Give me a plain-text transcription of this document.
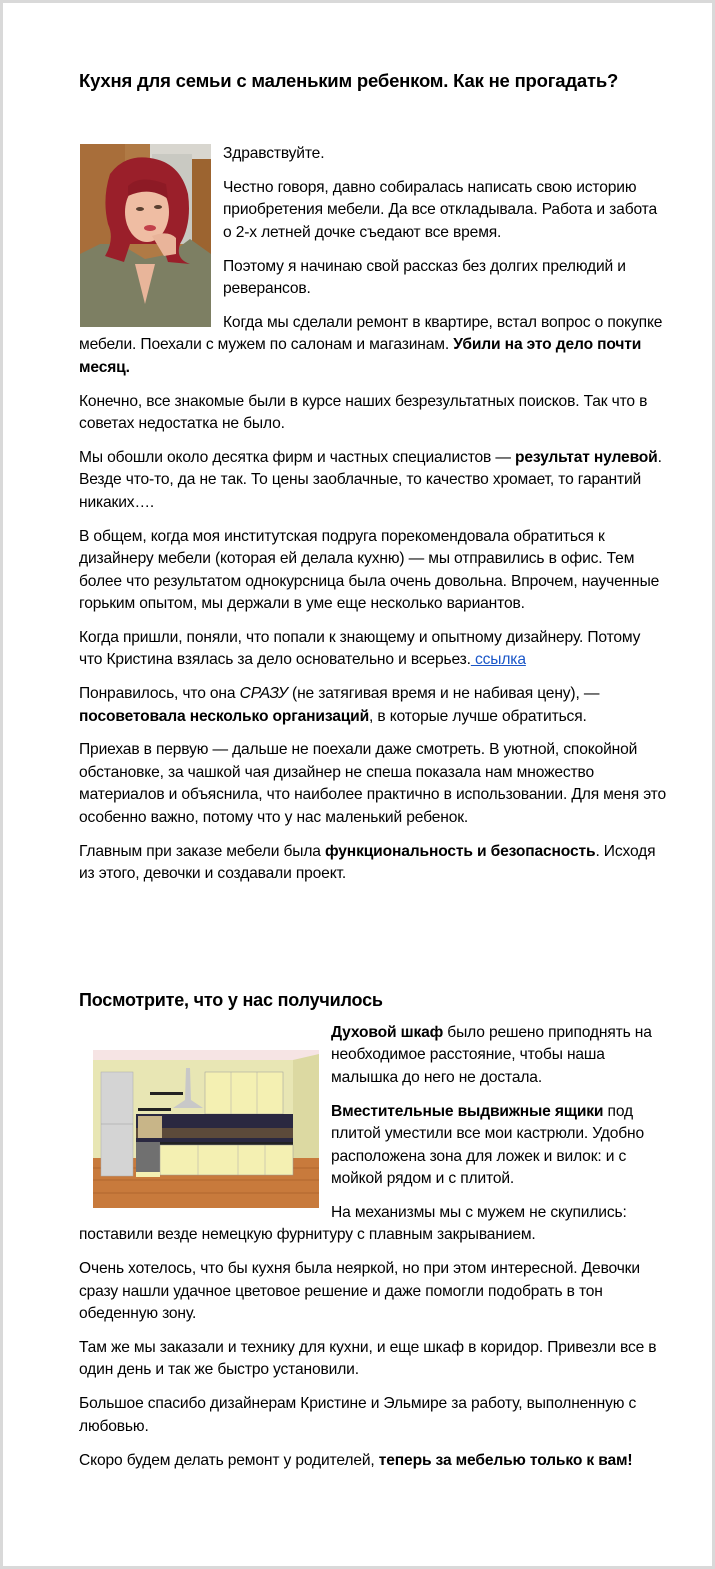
Кухня для семьи с маленьким ребенком. Как не прогадать?

Здравствуйте.

Честно говоря, давно собиралась написать свою историю приобретения мебели. Да все откладывала. Работа и забота о 2-х летней дочке съедают все время.

Поэтому я начинаю свой рассказ без долгих прелюдий и реверансов.

Когда мы сделали ремонт в квартире, встал вопрос о покупке мебели. Поехали с мужем по салонам и магазинам. Убили на это дело почти месяц.

Конечно, все знакомые были в курсе наших безрезультатных поисков. Так что в советах недостатка не было.

Мы обошли около десятка фирм и частных специалистов — результат нулевой. Везде что-то, да не так. То цены заоблачные, то качество хромает, то гарантий никаких….

В общем, когда моя институтская подруга порекомендовала обратиться к дизайнеру мебели (которая ей делала кухню) — мы отправились в офис. Тем более что результатом однокурсница была очень довольна. Впрочем, наученные горьким опытом, мы держали в уме еще несколько вариантов.

Когда пришли, поняли, что попали к знающему и опытному дизайнеру. Потому что Кристина взялась за дело основательно и всерьез. ссылка

Понравилось, что она СРАЗУ (не затягивая время и не набивая цену), — посоветовала несколько организаций, в которые лучше обратиться.

Приехав в первую — дальше не поехали даже смотреть. В уютной, спокойной обстановке, за чашкой чая дизайнер не спеша показала нам множество материалов и объяснила, что наиболее практично в использовании. Для меня это особенно важно, потому что у нас маленький ребенок.

Главным при заказе мебели была функциональность и безопасность. Исходя из этого, девочки и создавали проект.

Посмотрите, что у нас получилось

Духовой шкаф было решено приподнять на необходимое расстояние, чтобы наша малышка до него не достала.

Вместительные выдвижные ящики под плитой уместили все мои кастрюли. Удобно расположена зона для ложек и вилок: и с мойкой рядом и с плитой.

На механизмы мы с мужем не скупились: поставили везде немецкую фурнитуру с плавным закрыванием.

Очень хотелось, что бы кухня была неяркой, но при этом интересной. Девочки сразу нашли удачное цветовое решение и даже помогли подобрать в тон обеденную зону.

Там же мы заказали и технику для кухни, и еще шкаф в коридор. Привезли все в один день и так же быстро установили.

Большое спасибо дизайнерам Кристине и Эльмире за работу, выполненную с любовью.

Скоро будем делать ремонт у родителей, теперь за мебелью только к вам!
